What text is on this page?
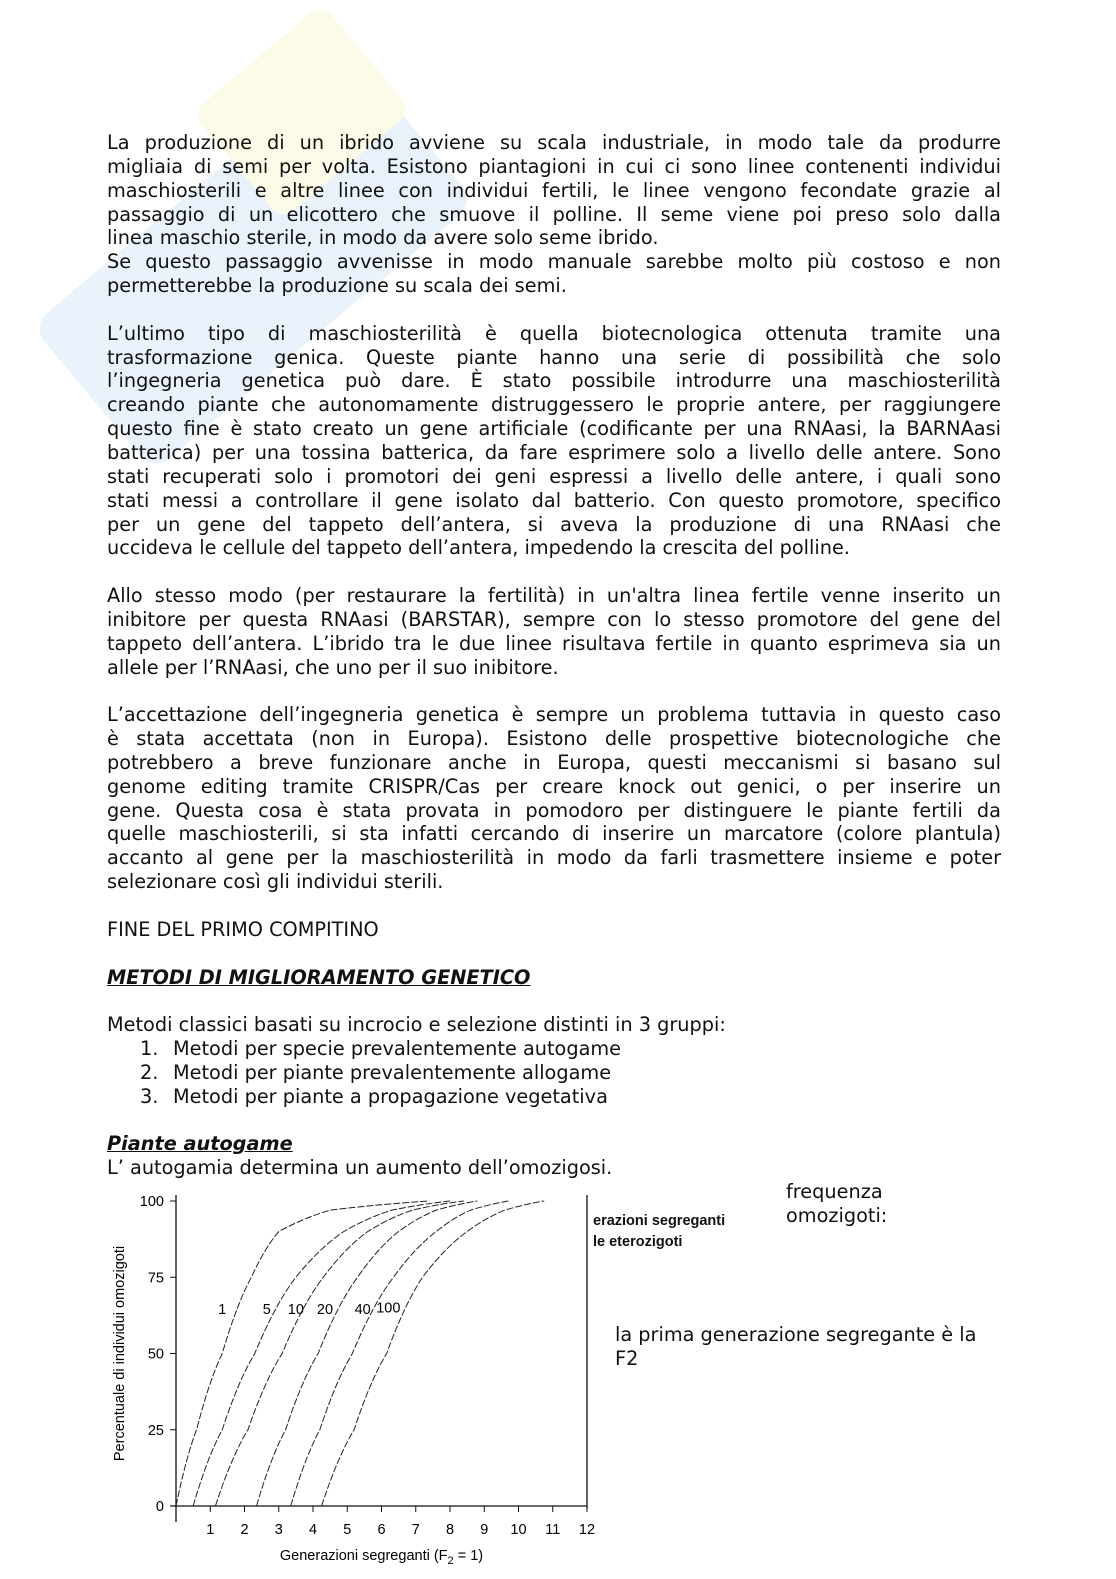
La produzione di un ibrido avviene su scala industriale, in modo tale da produrre
migliaia di semi per volta. Esistono piantagioni in cui ci sono linee contenenti individui
maschiosterili e altre linee con individui fertili, le linee vengono fecondate grazie al
passaggio di un elicottero che smuove il polline. Il seme viene poi preso solo dalla
linea maschio sterile, in modo da avere solo seme ibrido.
Se questo passaggio avvenisse in modo manuale sarebbe molto più costoso e non
permetterebbe la produzione su scala dei semi.
L’ultimo tipo di maschiosterilità è quella biotecnologica ottenuta tramite una
trasformazione genica. Queste piante hanno una serie di possibilità che solo
l’ingegneria genetica può dare. È stato possibile introdurre una maschiosterilità
creando piante che autonomamente distruggessero le proprie antere, per raggiungere
questo fine è stato creato un gene artificiale (codificante per una RNAasi, la BARNAasi
batterica) per una tossina batterica, da fare esprimere solo a livello delle antere. Sono
stati recuperati solo i promotori dei geni espressi a livello delle antere, i quali sono
stati messi a controllare il gene isolato dal batterio. Con questo promotore, specifico
per un gene del tappeto dell’antera, si aveva la produzione di una RNAasi che
uccideva le cellule del tappeto dell’antera, impedendo la crescita del polline.
Allo stesso modo (per restaurare la fertilità) in un'altra linea fertile venne inserito un
inibitore per questa RNAasi (BARSTAR), sempre con lo stesso promotore del gene del
tappeto dell’antera. L’ibrido tra le due linee risultava fertile in quanto esprimeva sia un
allele per l’RNAasi, che uno per il suo inibitore.
L’accettazione dell’ingegneria genetica è sempre un problema tuttavia in questo caso
è stata accettata (non in Europa). Esistono delle prospettive biotecnologiche che
potrebbero a breve funzionare anche in Europa, questi meccanismi si basano sul
genome editing tramite CRISPR/Cas per creare knock out genici, o per inserire un
gene. Questa cosa è stata provata in pomodoro per distinguere le piante fertili da
quelle maschiosterili, si sta infatti cercando di inserire un marcatore (colore plantula)
accanto al gene per la maschiosterilità in modo da farli trasmettere insieme e poter
selezionare così gli individui sterili.
FINE DEL PRIMO COMPITINO
METODI DI MIGLIORAMENTO GENETICO
Metodi classici basati su incrocio e selezione distinti in 3 gruppi:
1. Metodi per specie prevalentemente autogame
2. Metodi per piante prevalentemente allogame
3. Metodi per piante a propagazione vegetativa
Piante autogame
L’ autogamia determina un aumento dell’omozigosi.
1 2 3 4 5 6 7 8 9 10 11 12
0
25
50
75
100
Generazioni segreganti $(F_2 = 1)$
Percentuale di individui omozigoti	1	5 10 20 40 100
frequenza
omozigoti:
erazioni segreganti
le eterozigoti
la prima generazione segregante è la
F2
